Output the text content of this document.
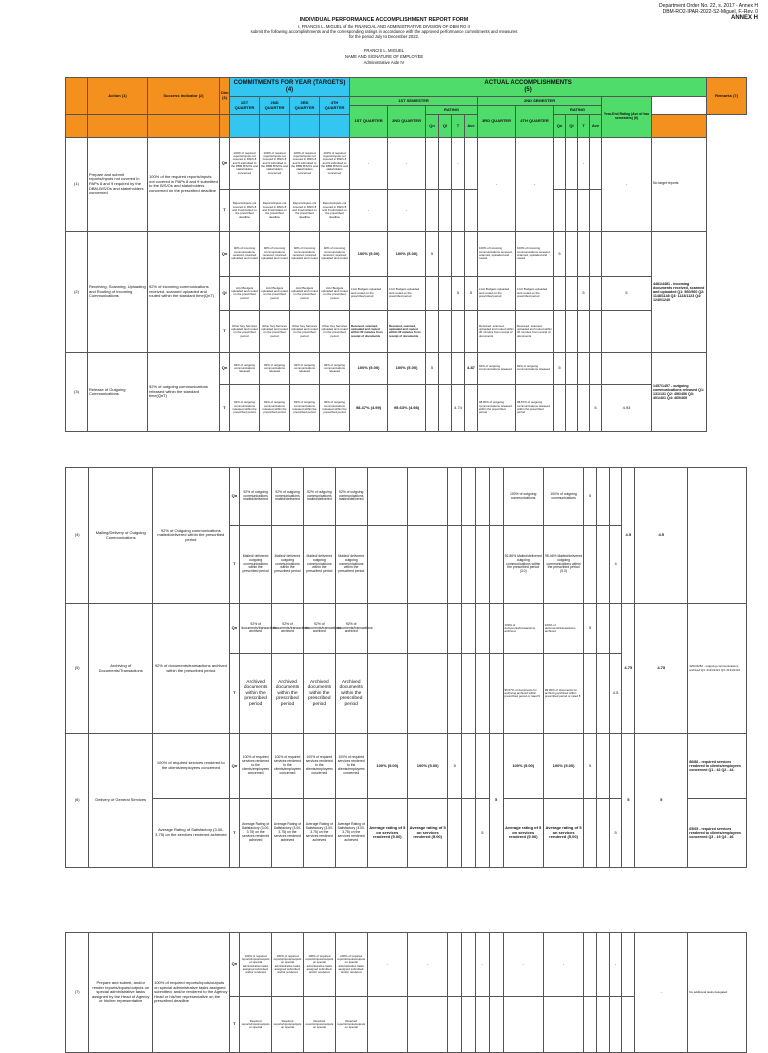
Department Order No. 22, s. 2017 - Annex H
DBM-RO2-IPAR-2022-S2-Miguel, F.-Rev. 0
ANNEX H
INDIVIDUAL PERFORMANCE ACCOMPLISHMENT REPORT FORM
I, FRANCIS L. MIGUEL of the FINANCIAL AND ADMINISTRATIVE DIVISION OF DBM RO II
submit the following accomplishments and the corresponding ratings in accordance with the approved performance commitments and measures
for the period July to December 2022.
FRANCIS L. MIGUEL
NAME AND SIGNATURE OF EMPLOYEE
Administrative Aide IV
	Action (1)	Success Indicator (2)	Dim (3)	COMMITMENTS FOR YEAR (TARGETS)
(4)				ACTUAL ACCOMPLISHMENTS
(5)														Remarks (7)
				1ST QUARTER	2ND QUARTER	3RD QUARTER	4TH QUARTER	1ST SEMESTER						2ND SEMESTER						Year-End Rating (Ave of two semesters) (6)		
								1ST QUARTER	2ND QUARTER	RATING				3RD QUARTER	4TH QUARTER	RATING						
										Qn	Ql	T	Ave			Qn	Ql	T	Ave			
(1)	Prepare and submit reports/inputs not covered in PAPs 8 and 9 required by the DBM-B/S/Os and stakeholders concerned	100% of the required reports/inputs not covered in PAPs 8 and 9 submitted to the B/S/Os and stakeholders concerned on the prescribed deadline	Qn	100% of required reports/inputs not covered in PAPs 8 and 9 submitted to the DBM B/S/Os and stakeholders concerned	100% of required reports/inputs not covered in PAPs 8 and 9 submitted to the DBM B/S/Os and stakeholders concerned	100% of required reports/inputs not covered in PAPs 8 and 9 submitted to the DBM B/S/Os and stakeholders concerned	100% of required reports/inputs not covered in PAPs 8 and 9 submitted to the DBM B/S/Os and stakeholders concerned	-	-			-		-	-			-		-	No target reports	
			T	Reports/inputs not covered in PAPs 8 and 9 submitted on the prescribed deadline	Reports/inputs not covered in PAPs 8 and 9 submitted on the prescribed deadline	Reports/inputs not covered in PAPs 8 and 9 submitted on the prescribed deadline	Reports/inputs not covered in PAPs 8 and 9 submitted on the prescribed deadline	-	-													
(2)	Receiving, Scanning, Uploading and Routing of Incoming Communications	92% of incoming communications received, scanned uploaded and routed within the standard time(QnT)	Qn	92% of incoming communications received, scanned uploaded and routed	92% of incoming communications received, scanned uploaded and routed	92% of incoming communications received, scanned uploaded and routed	92% of incoming communications received, scanned uploaded and routed	100% (5.00)	100% (5.00)	5				100% of incoming communications received, scanned, uploaded and routed	100% of incoming communications received, scanned, uploaded and routed	5					4481/4481 - incoming documents received, scanned and uploaded Q1: 560/560 Q2: 1148/1148 Q3: 1123/1123 Q4: 1240/1240	
			Ql	LGU Budgets uploaded and routed on the prescribed period	LGU Budgets uploaded and routed on the prescribed period	LGU Budgets uploaded and routed on the prescribed period	LGU Budgets uploaded and routed on the prescribed period	LGU Budgets uploaded and routed on the prescribed period	LGU Budgets uploaded and routed on the prescribed period			5	5	LGU Budgets uploaded and routed on the prescribed period	LGU Budgets uploaded and routed on the prescribed period			5		5		
			T	Other Key Services uploaded and routed on the prescribed period	Other Key Services uploaded and routed on the prescribed period	Other Key Services uploaded and routed on the prescribed period	Other Key Services uploaded and routed on the prescribed period	Received, scanned, uploaded and routed within 30 minutes from receipt of documents	Received, scanned, uploaded and routed within 30 minutes from receipt of documents					Received, scanned, uploaded and routed within 30 minutes from receipt of documents	Received, scanned, uploaded and routed within 30 minutes from receipt of documents							
(3)	Release of Outgoing Communications	92% of outgoing communications released within the standard time(QnT)	Qn	92% of outgoing communications released	92% of outgoing communications released	92% of outgoing communications released	92% of outgoing communications released	100% (5.00)	100% (5.00)	5			4.87	92% of outgoing communications released	92% of outgoing communications released	5					1457/1457 - outgoing communications released Q1: 131/131 Q2: 456/456 Q3: 401/401 Q4: 469/469	
			T	92% of outgoing communications released within the prescribed period	92% of outgoing communications released within the prescribed period	92% of outgoing communications released within the prescribed period	92% of outgoing communications released within the prescribed period	98.47% (4.99)	95.63% (4.98)			4.74		98.00% of outgoing communications released within the prescribed period	98.57% of outgoing communications released within the prescribed period				5	4.93		
(4)	Mailing/Delivery of Outgoing Communications	92% of Outgoing communications mailed/delivered within the prescribed period	Qn	92% of outgoing communications mailed/delivered	92% of outgoing communications mailed/delivered	92% of outgoing communications mailed/delivered	92% of outgoing communications mailed/delivered							100% of outgoing communications	100% of outgoing communications	5			4.5	4.5	
			T	Mailed/ delivered outgoing communications within the prescribed period	Mailed/ delivered outgoing communications within the prescribed period	Mailed/ delivered outgoing communications within the prescribed period	Mailed/ delivered outgoing communications within the prescribed period							92.86% Mailed/delivered outgoing communications within the prescribed period (3.0)	98.46% Mailed/delivered outgoing communications within the prescribed period (5.0)			4			
(5)	Archiving of Documents/Transactions	92% of documents/transactions archived within the prescribed period	Qn	92% of documents/transactions archived	92% of documents/transactions archived	92% of documents/transactions archived	92% of documents/transactions archived							100% of documents/transactions archived	100% of documents/transactions archived	5			4.75	4.75	4252/4252 - outgoing communications archived Q3: 2121/2121 Q4: 2131/2131
			T	Archived documents within the prescribed period	Archived documents within the prescribed period	Archived documents within the prescribed period	Archived documents within the prescribed period							96.67% of documents for archiving archived within prescribed period or rated 5	99.00% of documents for archiving archived within prescribed period or rated 5			4.5			
(6)	Delivery of General Services	100% of required services rendered to the clients/employees concerned	Qn	100% of required services rendered to the clients/employees concerned	100% of required services rendered to the clients/employees concerned	100% of required services rendered to the clients/employees concerned	100% of required services rendered to the clients/employees concerned	100% (5.00)	100% (5.00)	5			5	100% (5.00)	100% (5.00)	5			5	5	86/86 - required services rendered to clients/employees concerned Q1 - 42 Q2 - 44
		Average Rating of Satisfactory (3.00-3.75) on the services rendered achieved	T	Average Rating of Satisfactory (3.00-3.75) on the services rendered achieved	Average Rating of Satisfactory (3.00-3.75) on the services rendered achieved	Average Rating of Satisfactory (3.00-3.75) on the services rendered achieved	Average Rating of Satisfactory (3.00-3.75) on the services rendered achieved	Average rating of 5 on services rendered (5.00)	Average rating of 5 on services rendered (5.00)			5		Average rating of 5 on services rendered (5.00)	Average rating of 5 on services rendered (5.00)			5			65/65 - required services rendered to clients/employees concerned Q3 - 19 Q4 - 46
(7)	Prepare and submit, and/or render reports/inputs/outputs on special administrative tasks assigned by the Head of Agency or his/her representative	100% of required reports/inputs/outputs on special administrative tasks assigned submitted; and/or rendered to the Agency Head or his/her representative on the prescribed deadline	Qn	100% of required reports/inputs/outputs on special administrative tasks assigned submitted; and/or rendered	100% of required reports/inputs/outputs on special administrative tasks assigned submitted; and/or rendered	100% of required reports/inputs/outputs on special administrative tasks assigned submitted; and/or rendered	100% of required reports/inputs/outputs on special administrative tasks assigned submitted; and/or rendered	-	-			-		-	-			-		-	No additional tasks delegated
			T	Required reports/inputs/outputs on special	Required reports/inputs/outputs on special	Required reports/inputs/outputs on special	Required reports/inputs/outputs on special														
